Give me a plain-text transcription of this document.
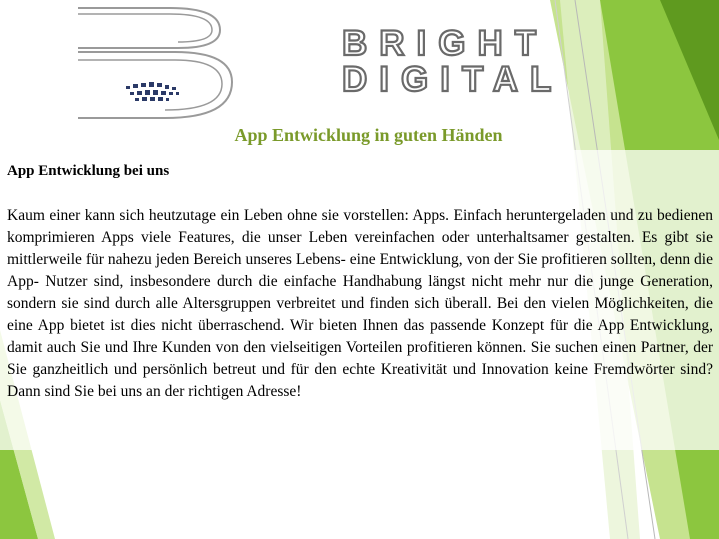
BRIGHT
DIGITAL
App Entwicklung in guten Händen
App Entwicklung bei uns

Kaum einer kann sich heutzutage ein Leben ohne sie vorstellen: Apps. Einfach heruntergeladen und zu bedienen komprimieren Apps viele Features, die unser Leben vereinfachen oder unterhaltsamer gestalten. Es gibt sie mittlerweile für nahezu jeden Bereich unseres Lebens- eine Entwicklung, von der Sie profitieren sollten, denn die App- Nutzer sind, insbesondere durch die einfache Handhabung längst nicht mehr nur die junge Generation, sondern sie sind durch alle Altersgruppen verbreitet und finden sich überall. Bei den vielen Möglichkeiten, die eine App bietet ist dies nicht überraschend. Wir bieten Ihnen das passende Konzept für die App Entwicklung, damit auch Sie und Ihre Kunden von den vielseitigen Vorteilen profitieren können. Sie suchen einen Partner, der Sie ganzheitlich und persönlich betreut und für den echte Kreativität und Innovation keine Fremdwörter sind? Dann sind Sie bei uns an der richtigen Adresse!
